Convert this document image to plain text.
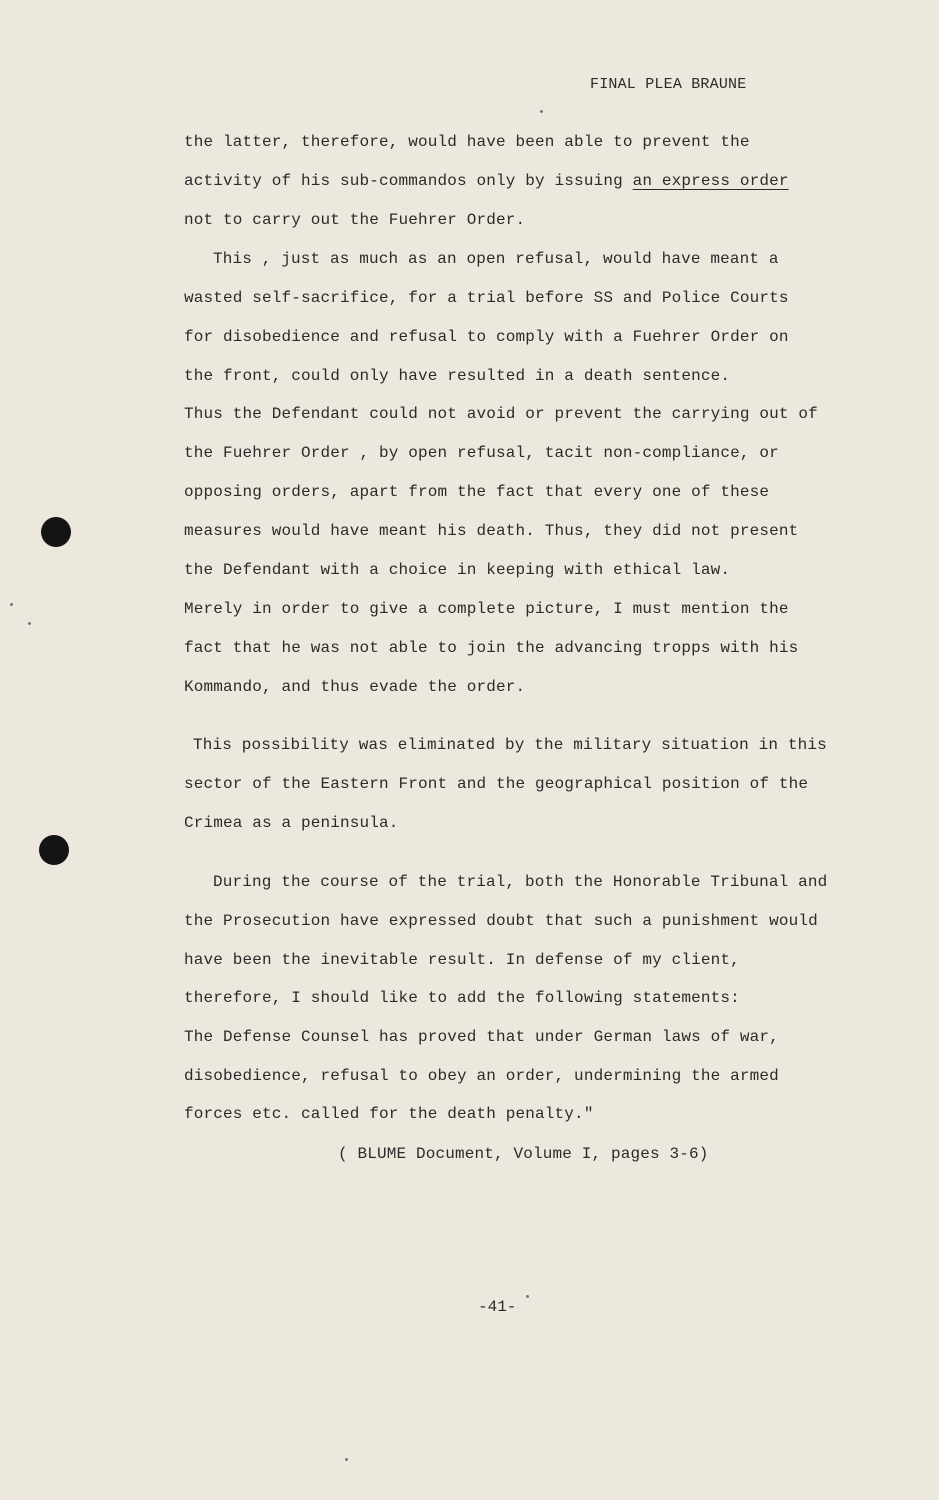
FINAL PLEA BRAUNE
the latter, therefore, would have been able to prevent the
activity of his sub-commandos only by issuing an express order
not to carry out the Fuehrer Order.
This , just as much as an open refusal, would have meant a
wasted self-sacrifice, for a trial before SS and Police Courts
for disobedience and refusal to comply with a Fuehrer Order on
the front, could only have resulted in a death sentence.
Thus the Defendant could not avoid or prevent the carrying out of
the Fuehrer Order , by open refusal, tacit non-compliance, or
opposing orders, apart from the fact that every one of these
measures would have meant his death. Thus, they did not present
the Defendant with a choice in keeping with ethical law.
Merely in order to give a complete picture, I must mention the
fact that he was not able to join the advancing tropps with his
Kommando, and thus evade the order.
This possibility was eliminated by the military situation in this
sector of the Eastern Front and the geographical position of the
Crimea as a peninsula.
During the course of the trial, both the Honorable Tribunal and
the Prosecution have expressed doubt that such a punishment would
have been the inevitable result. In defense of my client,
therefore, I should like to add the following statements:
The Defense Counsel has proved that under German laws of war,
disobedience, refusal to obey an order, undermining the armed
forces etc. called for the death penalty."
( BLUME Document, Volume I, pages 3-6)
-41-
